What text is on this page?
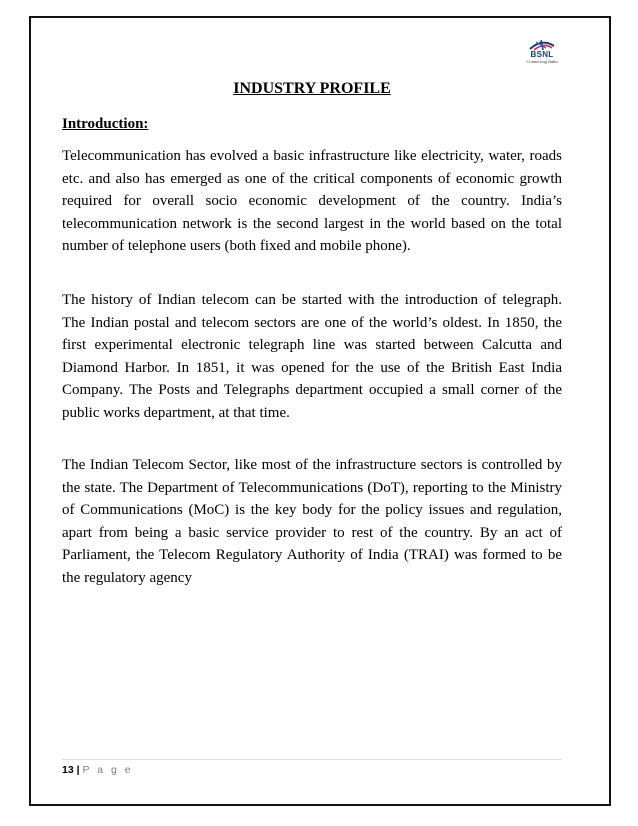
BSNL
Connecting India
INDUSTRY PROFILE
Introduction:

Telecommunication has evolved a basic infrastructure like electricity, water, roads etc. and also has emerged as one of the critical components of economic growth required for overall socio economic development of the country. India’s telecommunication network is the second largest in the world based on the total number of telephone users (both fixed and mobile phone).

The history of Indian telecom can be started with the introduction of telegraph. The Indian postal and telecom sectors are one of the world’s oldest. In 1850, the first experimental electronic telegraph line was started between Calcutta and Diamond Harbor. In 1851, it was opened for the use of the British East India Company. The Posts and Telegraphs department occupied a small corner of the public works department, at that time.

The Indian Telecom Sector, like most of the infrastructure sectors is controlled by the state. The Department of Telecommunications (DoT), reporting to the Ministry of Communications (MoC) is the key body for the policy issues and regulation, apart from being a basic service provider to rest of the country. By an act of Parliament, the Telecom Regulatory Authority of India (TRAI) was formed to be the regulatory agency

13 | P a g e
